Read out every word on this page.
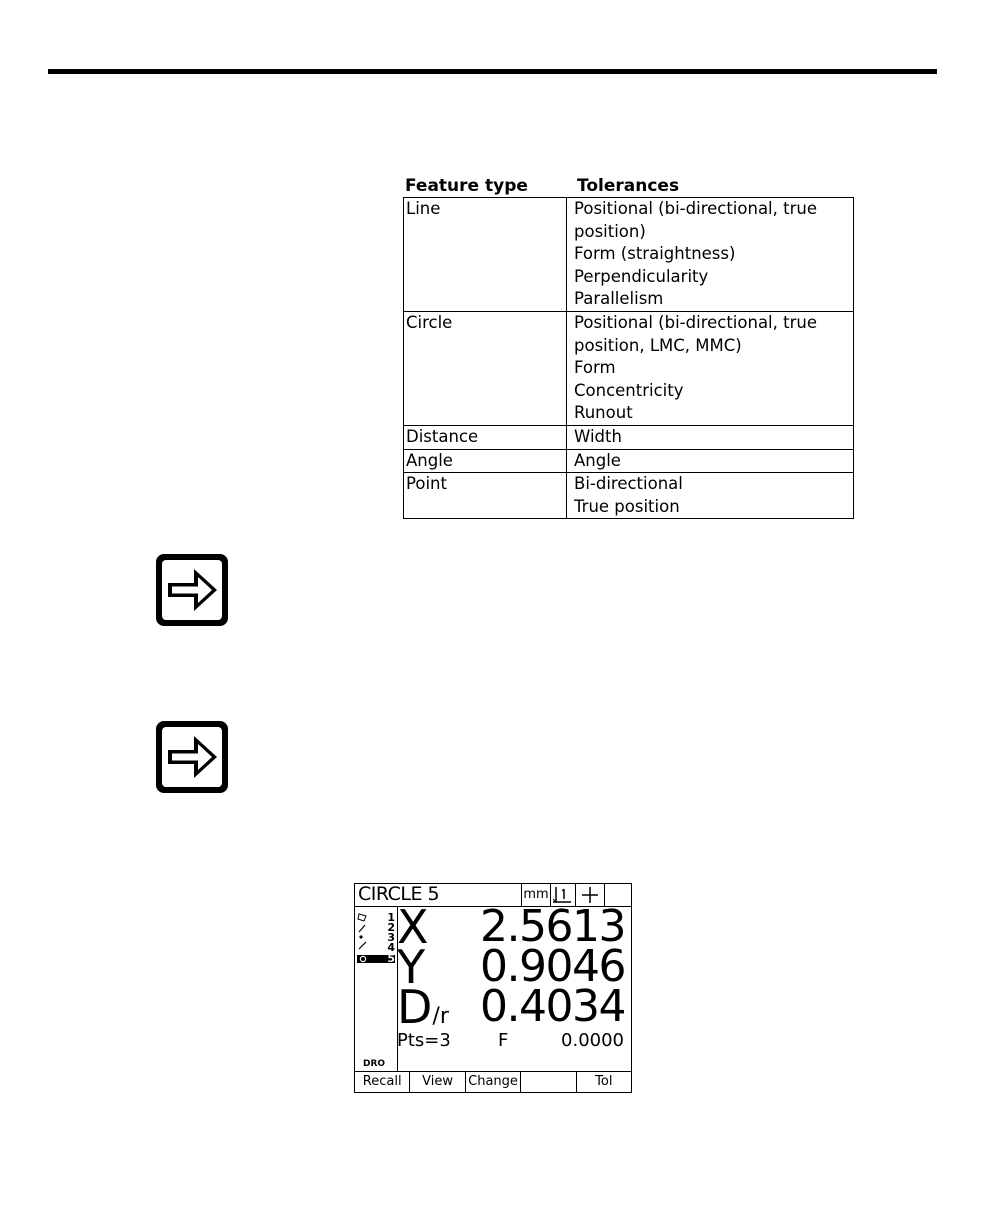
Feature type	Tolerances
Line	Positional (bi-directional, true
position)
Form (straightness)
Perpendicularity
Parallelism
Circle	Positional (bi-directional, true
position, LMC, MMC)
Form
Concentricity
Runout
Distance	Width
Angle	Angle
Point	Bi-directional
True position
CIRCLE 5	mm
1
2
3
4
5
DRO
X 2.5613
Y 0.9046
D/r 0.4034
Pts=3	F	0.0000
Recall	View	Change	Tol
